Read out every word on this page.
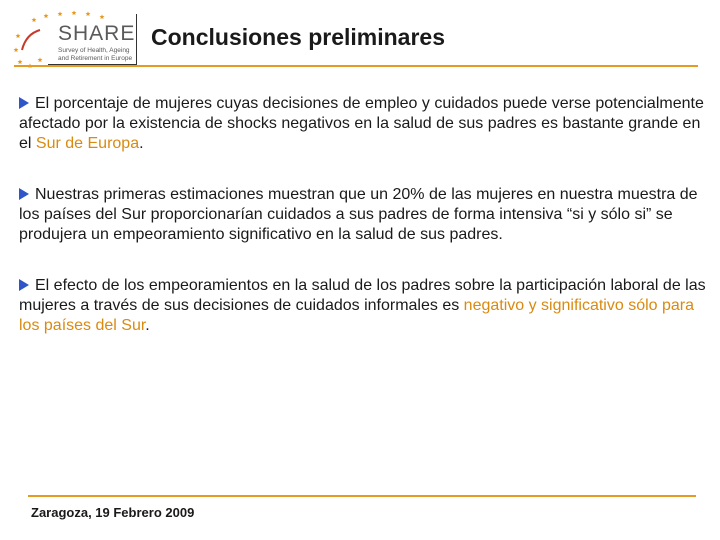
SHARE
Survey of Health, Ageing
and Retirement in Europe
Conclusiones preliminares

El porcentaje de mujeres cuyas decisiones de empleo y cuidados puede verse potencialmente afectado por la existencia de shocks negativos en la salud de sus padres es bastante grande en el Sur de Europa.

Nuestras primeras estimaciones muestran que un 20% de las mujeres en nuestra muestra de los países del Sur proporcionarían cuidados a sus padres de forma intensiva “si y sólo si” se produjera un empeoramiento significativo en la salud de sus padres.

El efecto de los empeoramientos en la salud de los padres sobre la participación laboral de las mujeres a través de sus decisiones de cuidados informales es negativo y significativo sólo para los países del Sur.

Zaragoza, 19 Febrero 2009
